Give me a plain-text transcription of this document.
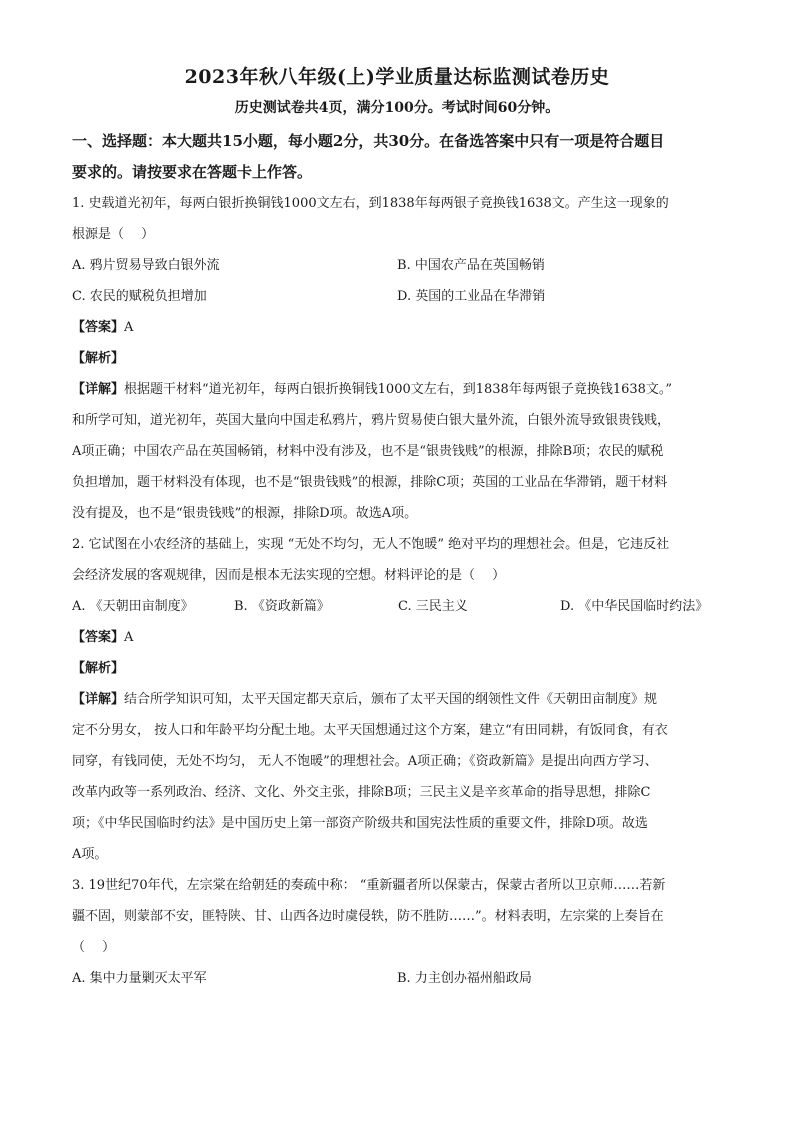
2023年秋八年级(上)学业质量达标监测试卷历史
历史测试卷共4页，满分100分。考试时间60分钟。
一、选择题：本大题共15小题，每小题2分，共30分。在备选答案中只有一项是符合题目
要求的。请按要求在答题卡上作答。

1. 史载道光初年，每两白银折换铜钱1000文左右，到1838年每两银子竟换钱1638文。产生这一现象的

根源是（　 ）

A. 鸦片贸易导致白银外流	B. 中国农产品在英国畅销
C. 农民的赋税负担增加	D. 英国的工业品在华滞销
【答案】A
【解析】

【详解】根据题干材料“道光初年，每两白银折换铜钱1000文左右，到1838年每两银子竟换钱1638文。”

和所学可知，道光初年，英国大量向中国走私鸦片，鸦片贸易使白银大量外流，白银外流导致银贵钱贱，

A项正确；中国农产品在英国畅销，材料中没有涉及，也不是“银贵钱贱”的根源，排除B项；农民的赋税

负担增加，题干材料没有体现，也不是“银贵钱贱”的根源，排除C项；英国的工业品在华滞销，题干材料

没有提及，也不是“银贵钱贱”的根源，排除D项。故选A项。

2. 它试图在小农经济的基础上，实现 “无处不均匀，无人不饱暖” 绝对平均的理想社会。但是，它违反社

会经济发展的客观规律，因而是根本无法实现的空想。材料评论的是（　 ）

A. 《天朝田亩制度》	B. 《资政新篇》	C. 三民主义	D. 《中华民国临时约法》
【答案】A
【解析】

【详解】结合所学知识可知，太平天国定都天京后，颁布了太平天国的纲领性文件《天朝田亩制度》规

定不分男女， 按人口和年龄平均分配土地。太平天国想通过这个方案，建立“有田同耕，有饭同食，有衣

同穿，有钱同使，无处不均匀， 无人不饱暖”的理想社会。A项正确；《资政新篇》是提出向西方学习、

改革内政等一系列政治、经济、文化、外交主张，排除B项；三民主义是辛亥革命的指导思想，排除C

项；《中华民国临时约法》是中国历史上第一部资产阶级共和国宪法性质的重要文件，排除D项。故选

A项。

3. 19世纪70年代，左宗棠在给朝廷的奏疏中称： “重新疆者所以保蒙古，保蒙古者所以卫京师……若新

疆不固，则蒙部不安，匪特陕、甘、山西各边时虞侵轶，防不胜防……”。材料表明，左宗棠的上奏旨在

（　 ）

A. 集中力量剿灭太平军	B. 力主创办福州船政局
